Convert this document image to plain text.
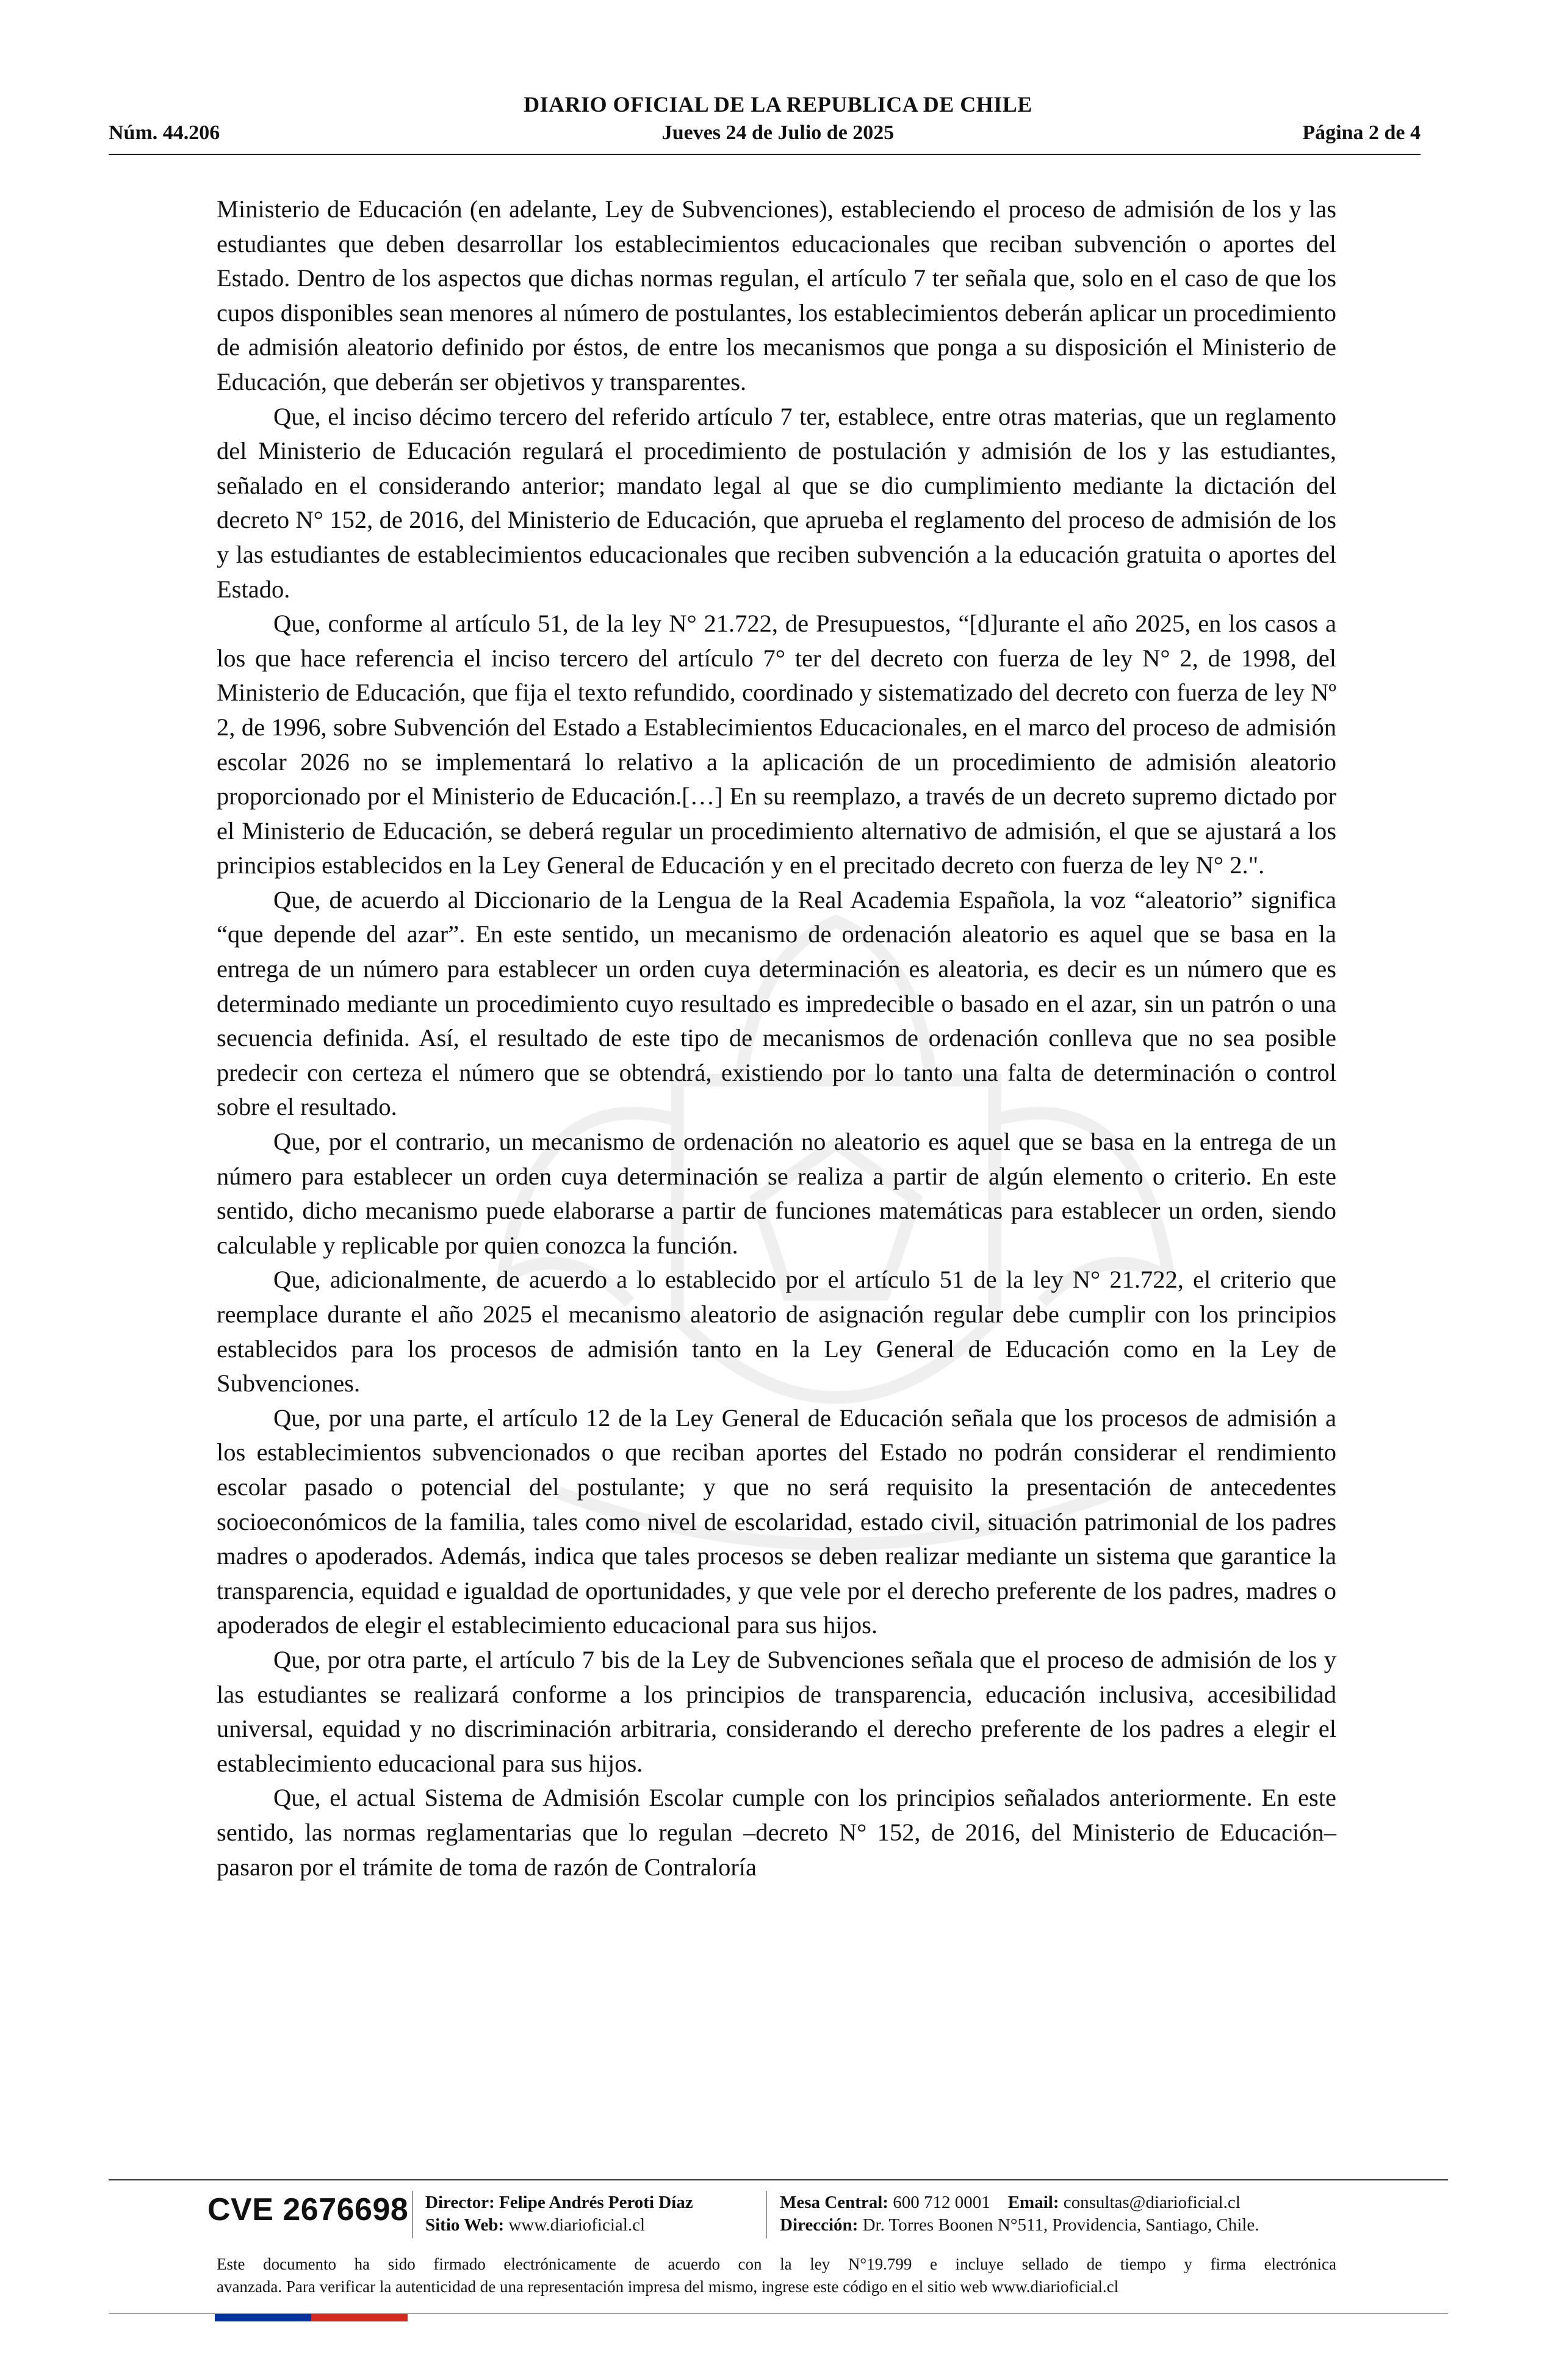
DIARIO OFICIAL DE LA REPUBLICA DE CHILE
Núm. 44.206	Jueves 24 de Julio de 2025	Página 2 de 4

Ministerio de Educación (en adelante, Ley de Subvenciones), estableciendo el proceso de admisión de los y las estudiantes que deben desarrollar los establecimientos educacionales que reciban subvención o aportes del Estado. Dentro de los aspectos que dichas normas regulan, el artículo 7 ter señala que, solo en el caso de que los cupos disponibles sean menores al número de postulantes, los establecimientos deberán aplicar un procedimiento de admisión aleatorio definido por éstos, de entre los mecanismos que ponga a su disposición el Ministerio de Educación, que deberán ser objetivos y transparentes.

Que, el inciso décimo tercero del referido artículo 7 ter, establece, entre otras materias, que un reglamento del Ministerio de Educación regulará el procedimiento de postulación y admisión de los y las estudiantes, señalado en el considerando anterior; mandato legal al que se dio cumplimiento mediante la dictación del decreto N° 152, de 2016, del Ministerio de Educación, que aprueba el reglamento del proceso de admisión de los y las estudiantes de establecimientos educacionales que reciben subvención a la educación gratuita o aportes del Estado.

Que, conforme al artículo 51, de la ley N° 21.722, de Presupuestos, “[d]urante el año 2025, en los casos a los que hace referencia el inciso tercero del artículo 7° ter del decreto con fuerza de ley N° 2, de 1998, del Ministerio de Educación, que fija el texto refundido, coordinado y sistematizado del decreto con fuerza de ley Nº 2, de 1996, sobre Subvención del Estado a Establecimientos Educacionales, en el marco del proceso de admisión escolar 2026 no se implementará lo relativo a la aplicación de un procedimiento de admisión aleatorio proporcionado por el Ministerio de Educación.[…] En su reemplazo, a través de un decreto supremo dictado por el Ministerio de Educación, se deberá regular un procedimiento alternativo de admisión, el que se ajustará a los principios establecidos en la Ley General de Educación y en el precitado decreto con fuerza de ley N° 2.".

Que, de acuerdo al Diccionario de la Lengua de la Real Academia Española, la voz “aleatorio” significa “que depende del azar”. En este sentido, un mecanismo de ordenación aleatorio es aquel que se basa en la entrega de un número para establecer un orden cuya determinación es aleatoria, es decir es un número que es determinado mediante un procedimiento cuyo resultado es impredecible o basado en el azar, sin un patrón o una secuencia definida. Así, el resultado de este tipo de mecanismos de ordenación conlleva que no sea posible predecir con certeza el número que se obtendrá, existiendo por lo tanto una falta de determinación o control sobre el resultado.

Que, por el contrario, un mecanismo de ordenación no aleatorio es aquel que se basa en la entrega de un número para establecer un orden cuya determinación se realiza a partir de algún elemento o criterio. En este sentido, dicho mecanismo puede elaborarse a partir de funciones matemáticas para establecer un orden, siendo calculable y replicable por quien conozca la función.

Que, adicionalmente, de acuerdo a lo establecido por el artículo 51 de la ley N° 21.722, el criterio que reemplace durante el año 2025 el mecanismo aleatorio de asignación regular debe cumplir con los principios establecidos para los procesos de admisión tanto en la Ley General de Educación como en la Ley de Subvenciones.

Que, por una parte, el artículo 12 de la Ley General de Educación señala que los procesos de admisión a los establecimientos subvencionados o que reciban aportes del Estado no podrán considerar el rendimiento escolar pasado o potencial del postulante; y que no será requisito la presentación de antecedentes socioeconómicos de la familia, tales como nivel de escolaridad, estado civil, situación patrimonial de los padres madres o apoderados. Además, indica que tales procesos se deben realizar mediante un sistema que garantice la transparencia, equidad e igualdad de oportunidades, y que vele por el derecho preferente de los padres, madres o apoderados de elegir el establecimiento educacional para sus hijos.

Que, por otra parte, el artículo 7 bis de la Ley de Subvenciones señala que el proceso de admisión de los y las estudiantes se realizará conforme a los principios de transparencia, educación inclusiva, accesibilidad universal, equidad y no discriminación arbitraria, considerando el derecho preferente de los padres a elegir el establecimiento educacional para sus hijos.

Que, el actual Sistema de Admisión Escolar cumple con los principios señalados anteriormente. En este sentido, las normas reglamentarias que lo regulan –decreto N° 152, de 2016, del Ministerio de Educación– pasaron por el trámite de toma de razón de Contraloría

CVE 2676698 Director: Felipe Andrés Peroti Díaz
Sitio Web: www.diarioficial.cl
Mesa Central: 600 712 0001 Email: consultas@diarioficial.cl
Dirección: Dr. Torres Boonen N°511, Providencia, Santiago, Chile.
Este documento ha sido firmado electrónicamente de acuerdo con la ley N°19.799 e incluye sellado de tiempo y firma electrónica
avanzada. Para verificar la autenticidad de una representación impresa del mismo, ingrese este código en el sitio web www.diarioficial.cl
